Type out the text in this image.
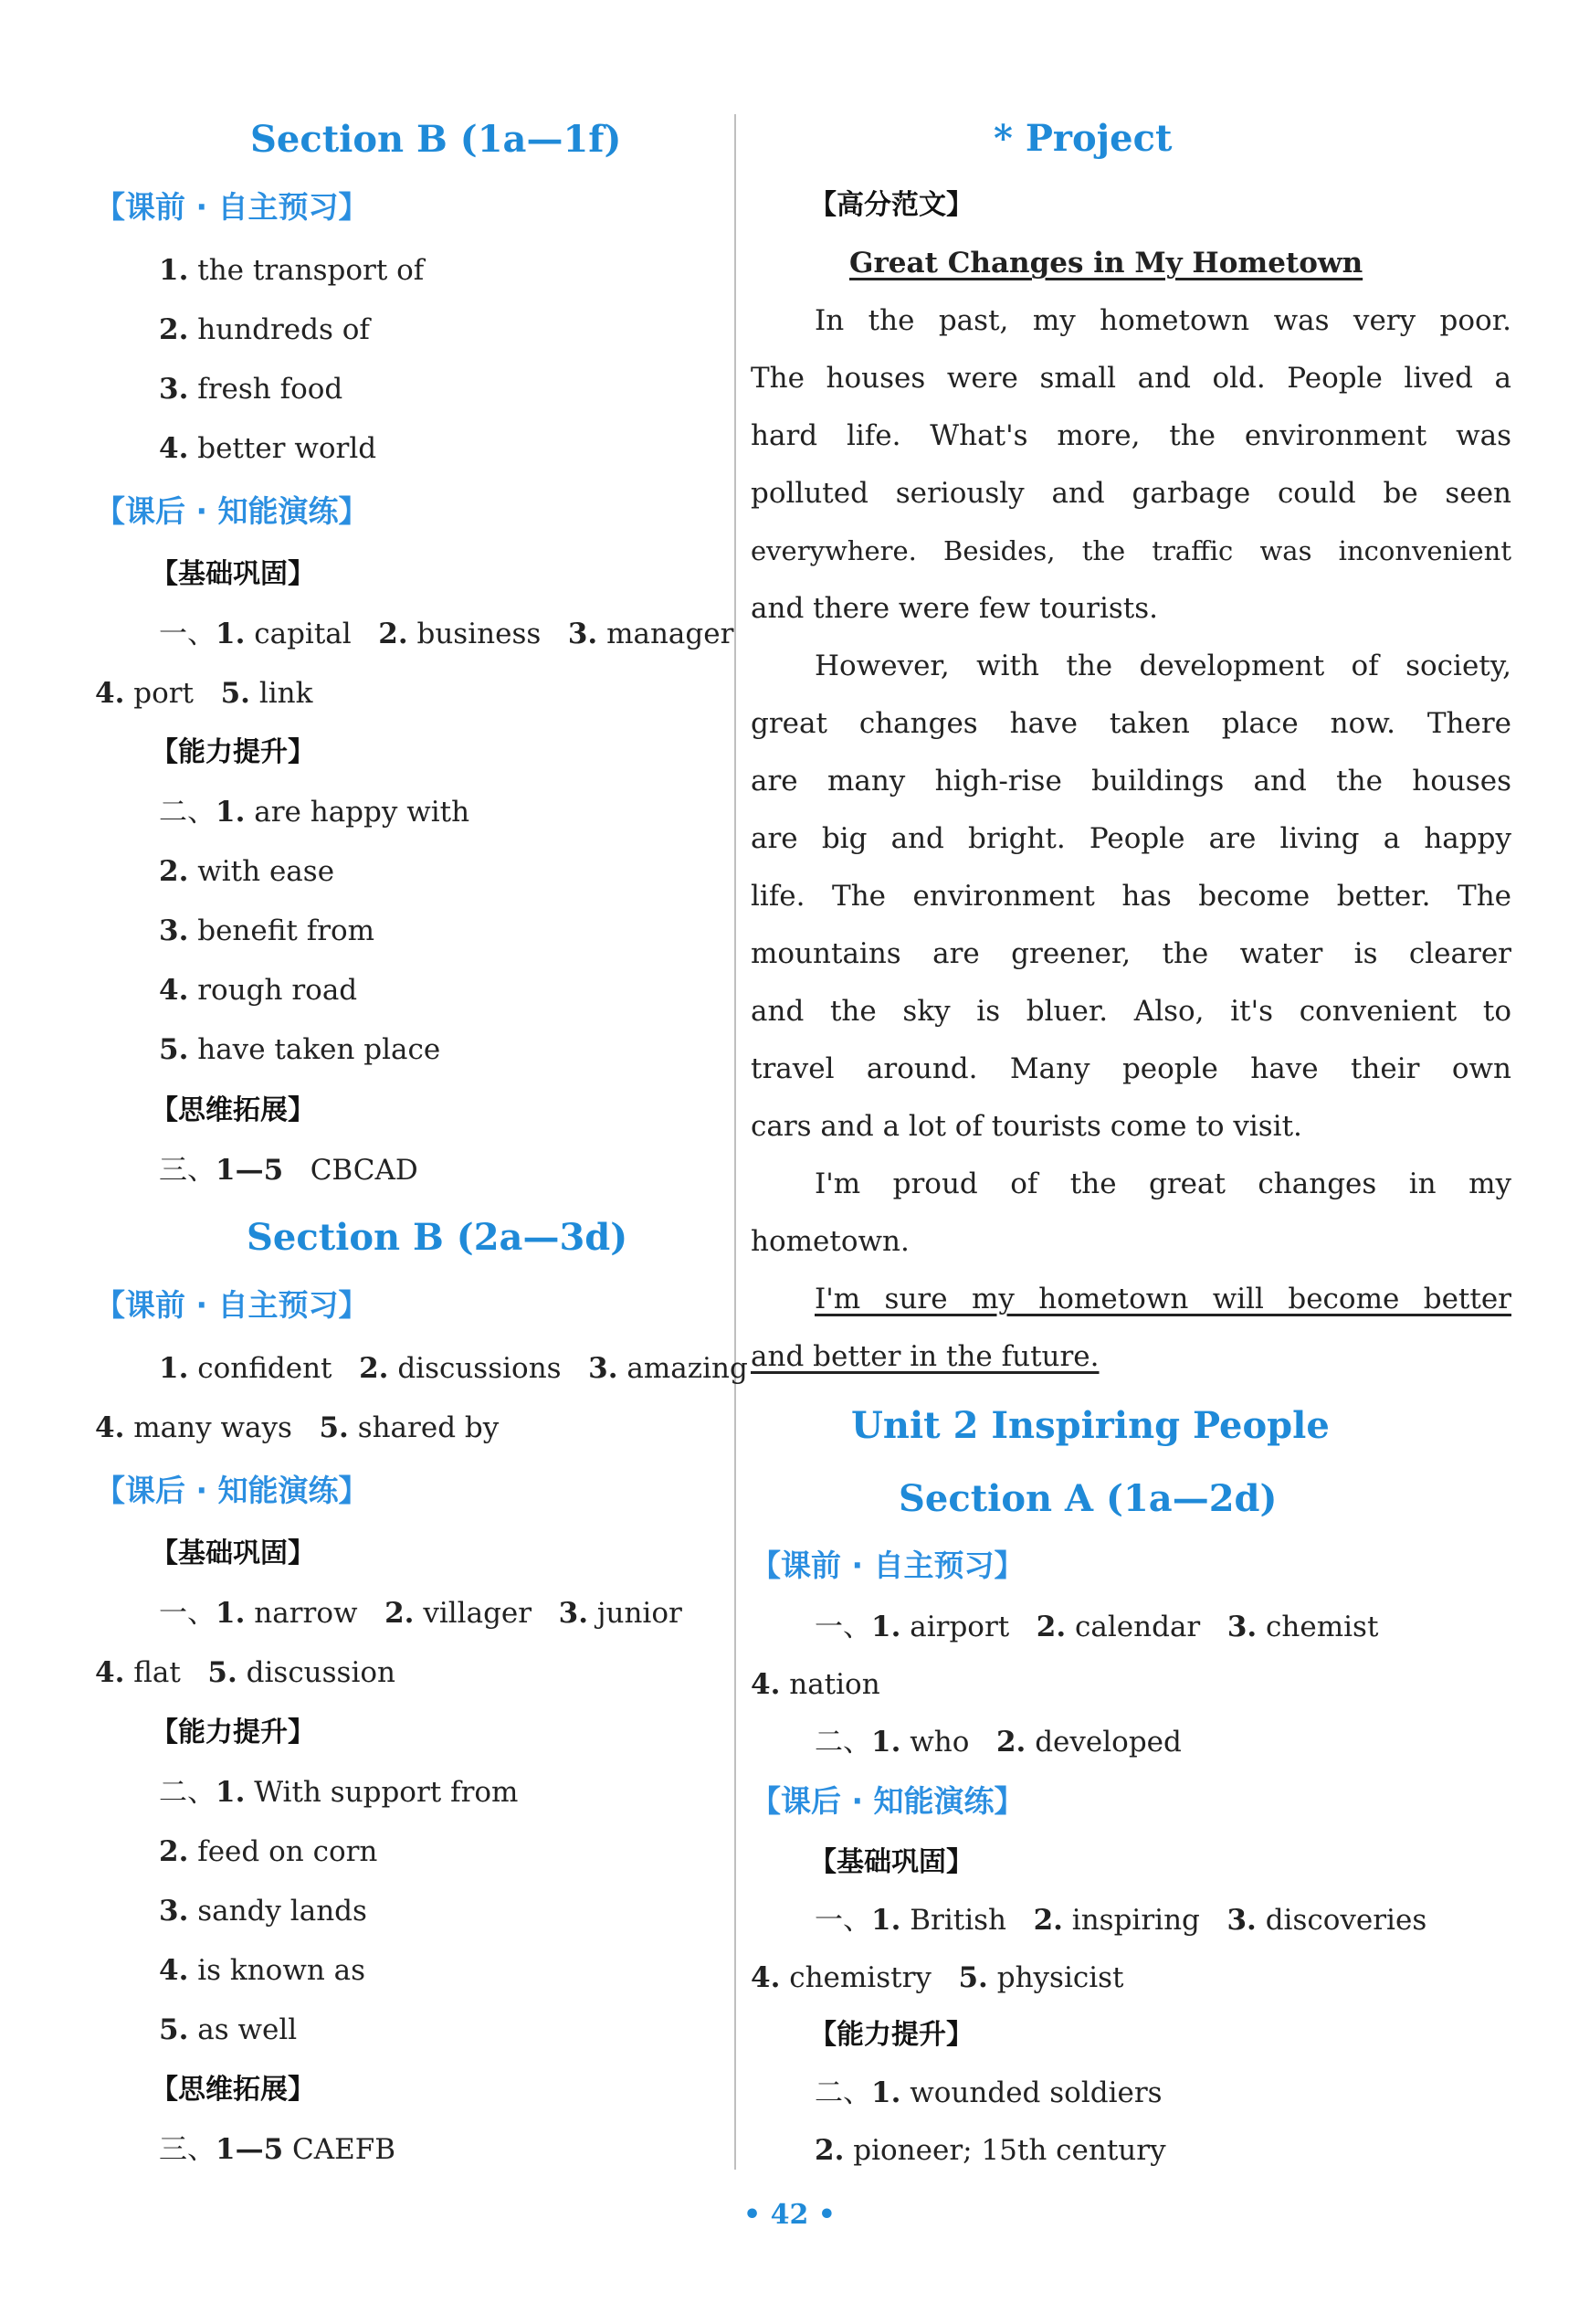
Section B (1a—1f)
【课前 · 自主预习】
1. the transport of
2. hundreds of
3. fresh food
4. better world
【课后 · 知能演练】
【基础巩固】
一、1. capital 2. business 3. manager
4. port 5. link
【能力提升】
二、1. are happy with
2. with ease
3. benefit from
4. rough road
5. have taken place
【思维拓展】
三、1—5 CBCAD
Section B (2a—3d)
【课前 · 自主预习】
1. confident 2. discussions 3. amazing
4. many ways 5. shared by
【课后 · 知能演练】
【基础巩固】
一、1. narrow 2. villager 3. junior
4. flat 5. discussion
【能力提升】
二、1. With support from
2. feed on corn
3. sandy lands
4. is known as
5. as well
【思维拓展】
三、1—5 CAEFB
* Project
【高分范文】
Great Changes in My Hometown
In the past, my hometown was very poor.
The houses were small and old. People lived a
hard life. What's more, the environment was
polluted seriously and garbage could be seen
everywhere. Besides, the traffic was inconvenient
and there were few tourists.
However, with the development of society,
great changes have taken place now. There
are many high-rise buildings and the houses
are big and bright. People are living a happy
life. The environment has become better. The
mountains are greener, the water is clearer
and the sky is bluer. Also, it's convenient to
travel around. Many people have their own
cars and a lot of tourists come to visit.
I'm proud of the great changes in my
hometown.
I'm sure my hometown will become better
and better in the future.
Unit 2 Inspiring People
Section A (1a—2d)
【课前 · 自主预习】
一、1. airport 2. calendar 3. chemist
4. nation
二、1. who 2. developed
【课后 · 知能演练】
【基础巩固】
一、1. British 2. inspiring 3. discoveries
4. chemistry 5. physicist
【能力提升】
二、1. wounded soldiers
2. pioneer; 15th century
• 42 •
